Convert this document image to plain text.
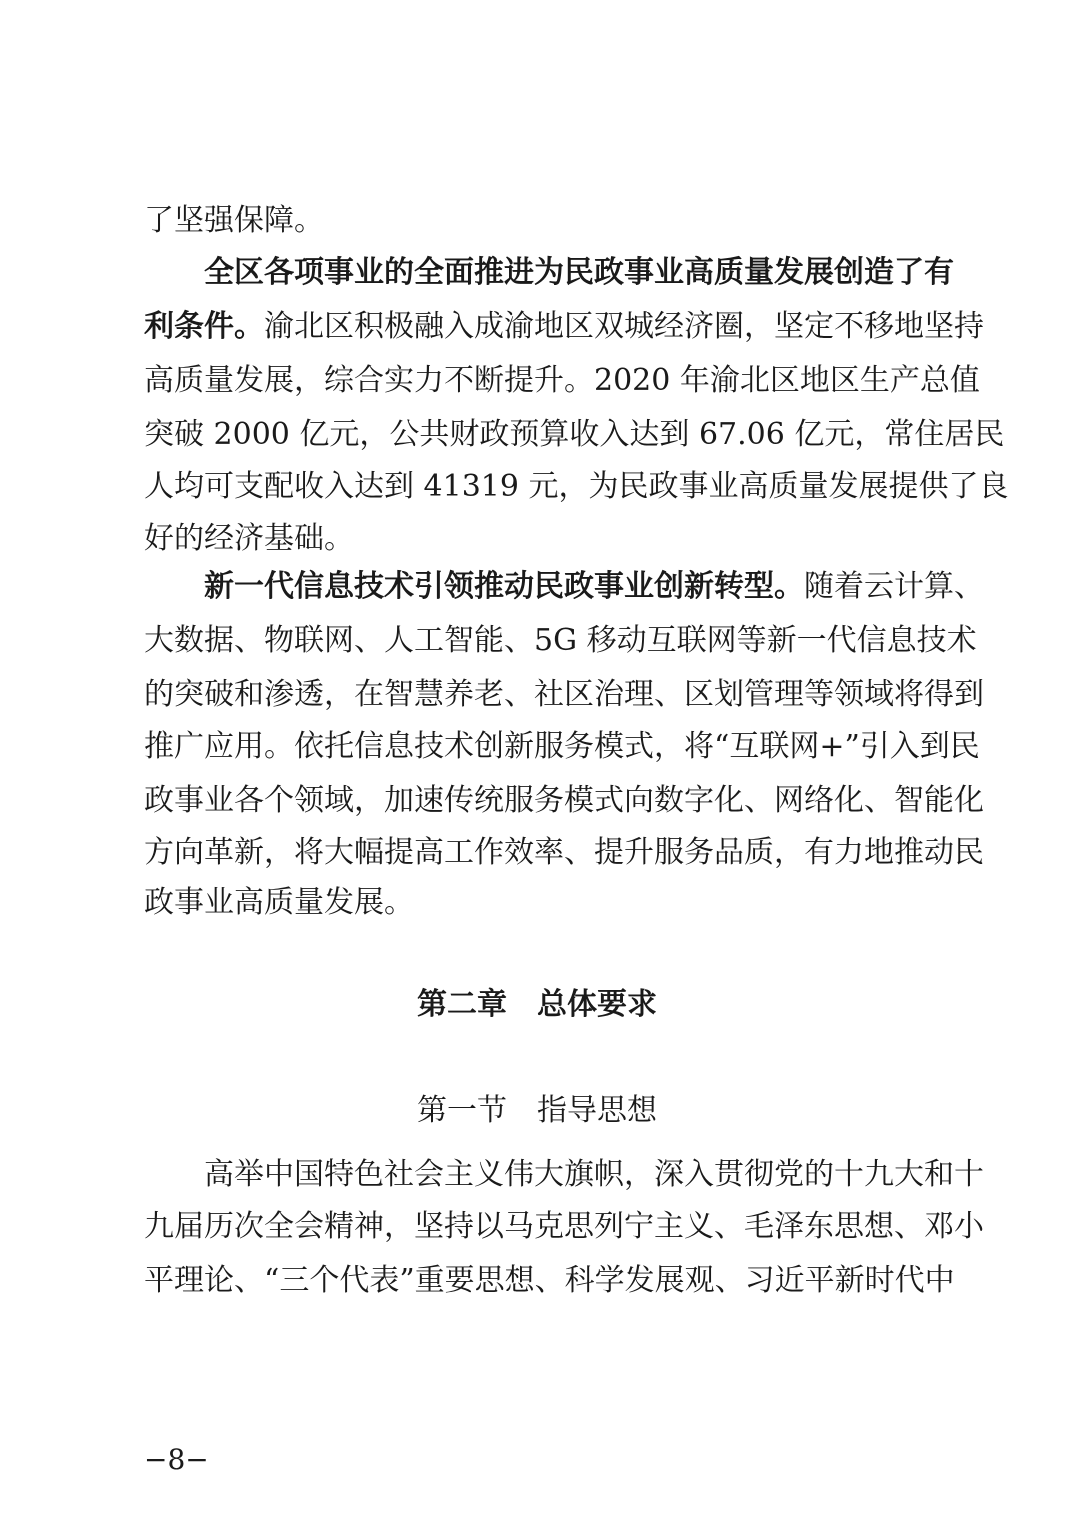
了坚强保障。
全区各项事业的全面推进为民政事业高质量发展创造了有
利条件。渝北区积极融入成渝地区双城经济圈，坚定不移地坚持
高质量发展，综合实力不断提升。2020 年渝北区地区生产总值
突破 2000 亿元，公共财政预算收入达到 67.06 亿元，常住居民
人均可支配收入达到 41319 元，为民政事业高质量发展提供了良
好的经济基础。
新一代信息技术引领推动民政事业创新转型。随着云计算、
大数据、物联网、人工智能、5G 移动互联网等新一代信息技术
的突破和渗透，在智慧养老、社区治理、区划管理等领域将得到
推广应用。依托信息技术创新服务模式，将“互联网+”引入到民
政事业各个领域，加速传统服务模式向数字化、网络化、智能化
方向革新，将大幅提高工作效率、提升服务品质，有力地推动民
政事业高质量发展。
第二章　总体要求
第一节　指导思想
高举中国特色社会主义伟大旗帜，深入贯彻党的十九大和十
九届历次全会精神，坚持以马克思列宁主义、毛泽东思想、邓小
平理论、“三个代表”重要思想、科学发展观、习近平新时代中
−8−
